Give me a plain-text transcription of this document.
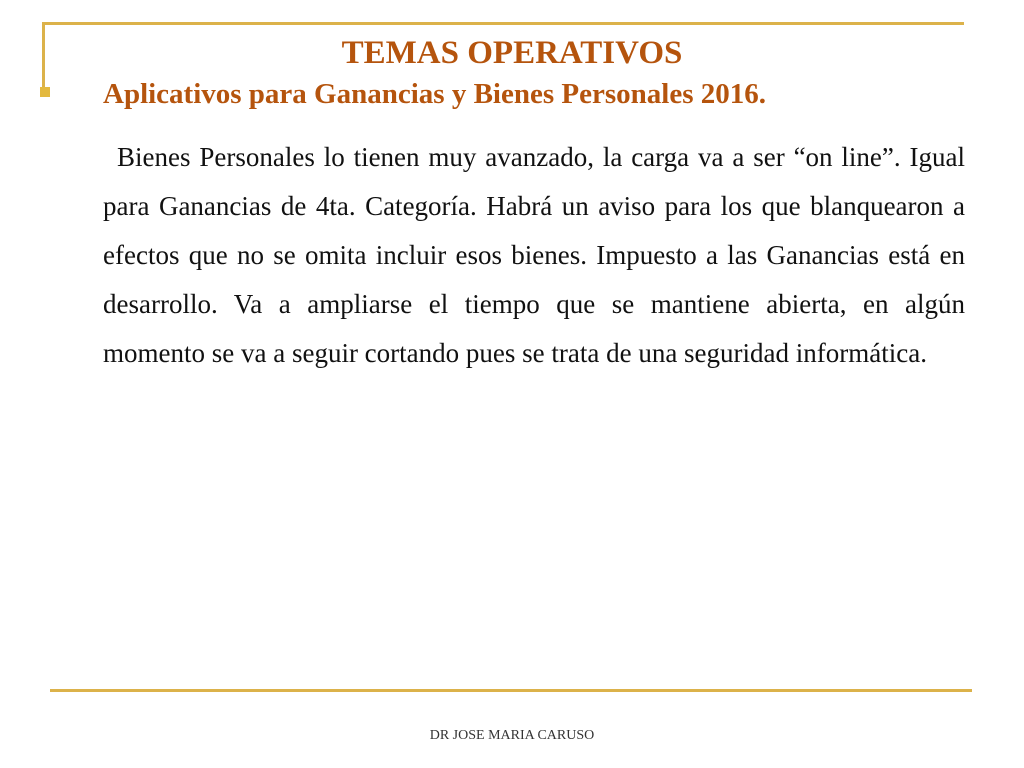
TEMAS OPERATIVOS
Aplicativos para Ganancias y Bienes Personales 2016.

Bienes Personales lo tienen muy avanzado, la carga va a ser “on line”. Igual para Ganancias de 4ta. Categoría. Habrá un aviso para los que blanquearon a efectos que no se omita incluir esos bienes. Impuesto a las Ganancias está en desarrollo. Va a ampliarse el tiempo que se mantiene abierta, en algún momento se va a seguir cortando pues se trata de una seguridad informática.

DR JOSE MARIA CARUSO
